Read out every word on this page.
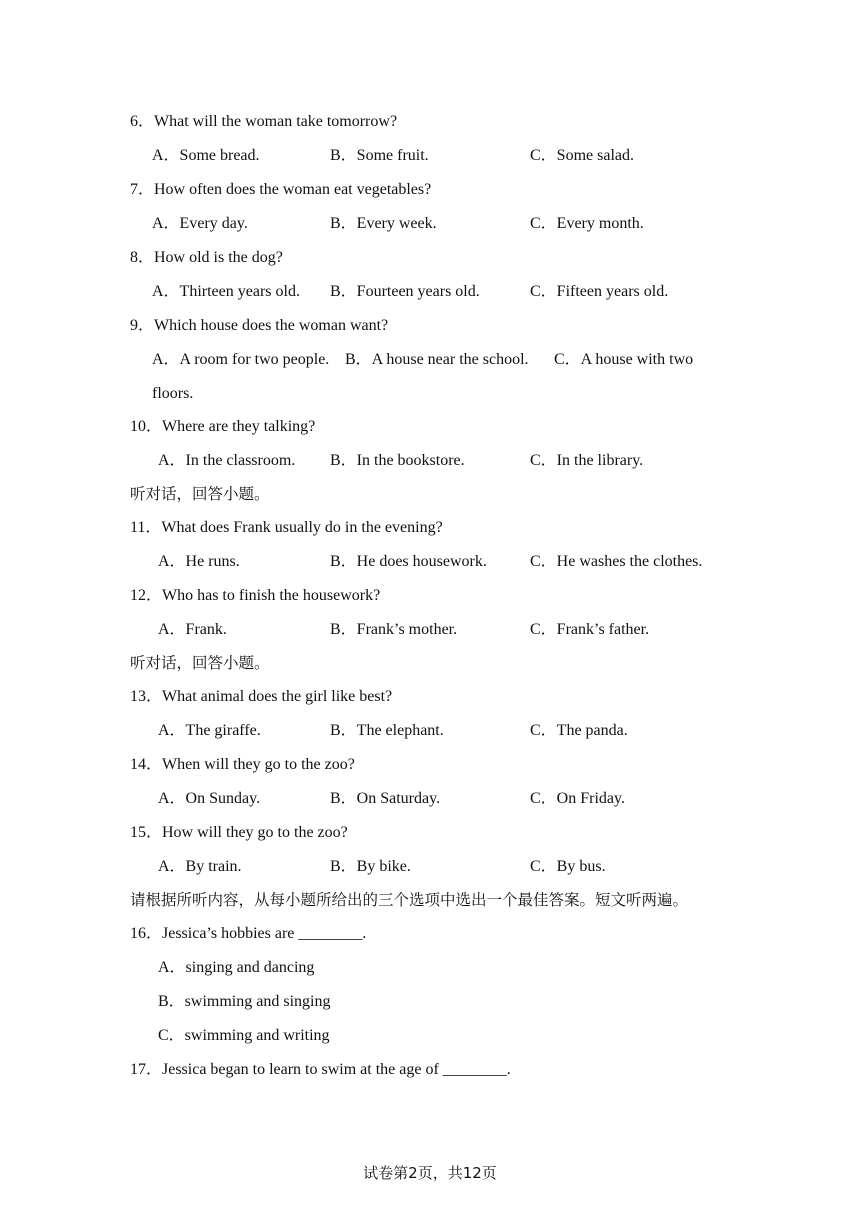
6．What will the woman take tomorrow?
A．Some bread.	B．Some fruit.	C．Some salad.
7．How often does the woman eat vegetables?
A．Every day.	B．Every week.	C．Every month.
8．How old is the dog?
A．Thirteen years old. B．Fourteen years old.	C．Fifteen years old.
9．Which house does the woman want?
A．A room for two people. B．A house near the school. C．A house with two
floors.
10．Where are they talking?
A．In the classroom. B．In the bookstore.	C．In the library.
听对话，回答小题。
11．What does Frank usually do in the evening?
A．He runs.	B．He does housework.	C．He washes the clothes.
12．Who has to finish the housework?
A．Frank.	B．Frank’s mother.	C．Frank’s father.
听对话，回答小题。
13．What animal does the girl like best?
A．The giraffe.	B．The elephant.	C．The panda.
14．When will they go to the zoo?
A．On Sunday.	B．On Saturday.	C．On Friday.
15．How will they go to the zoo?
A．By train.	B．By bike.	C．By bus.
请根据所听内容，从每小题所给出的三个选项中选出一个最佳答案。短文听两遍。
16．Jessica’s hobbies are ________.
A．singing and dancing
B．swimming and singing
C．swimming and writing
17．Jessica began to learn to swim at the age of ________.
试卷第2页，共12页
